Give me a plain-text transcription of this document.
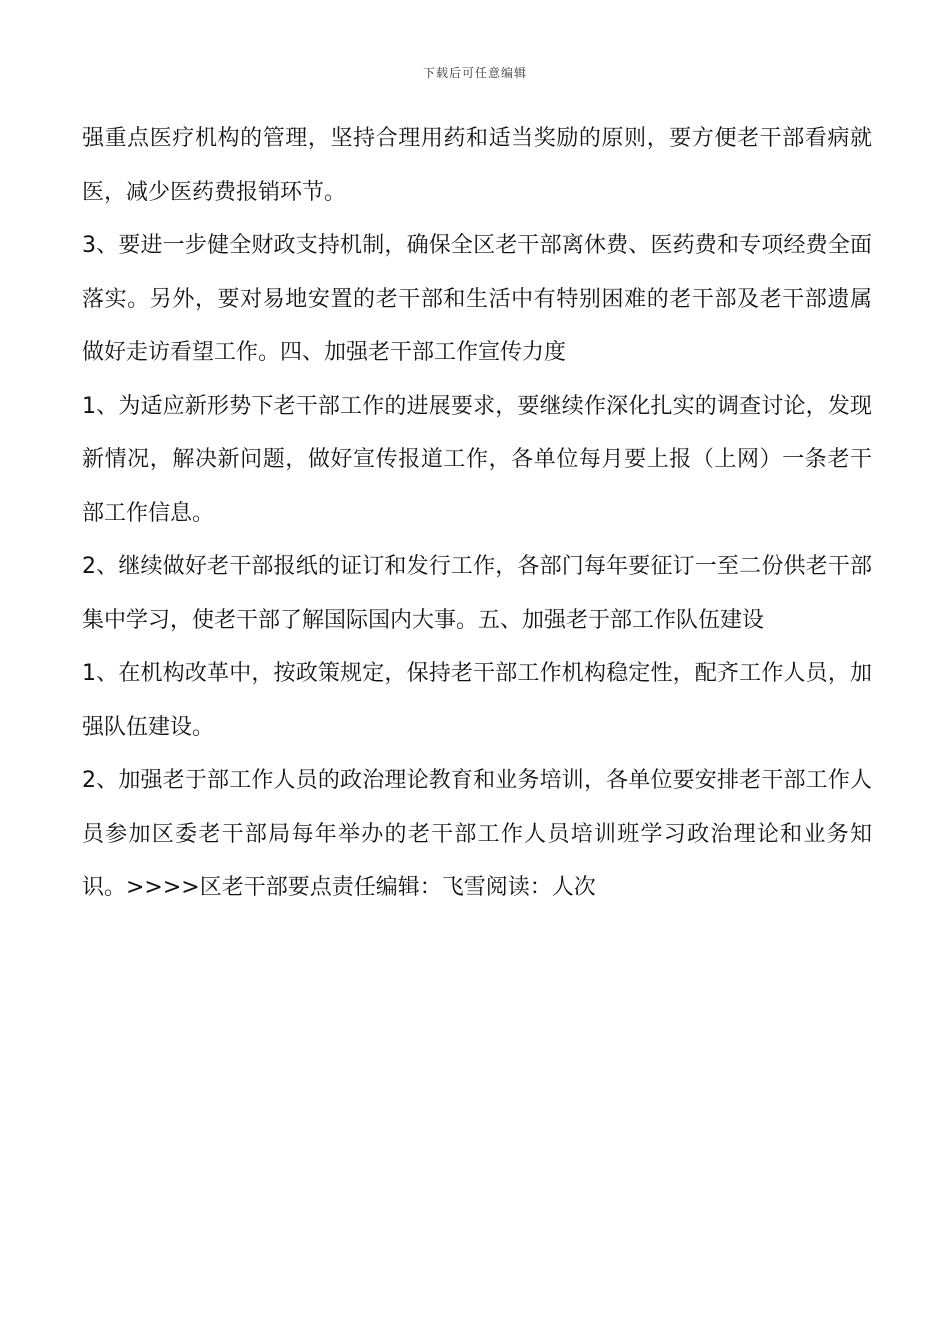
下载后可任意编辑

强重点医疗机构的管理，坚持合理用药和适当奖励的原则，要方便老干部看病就医，减少医药费报销环节。

3、要进一步健全财政支持机制，确保全区老干部离休费、医药费和专项经费全面落实。另外，要对易地安置的老干部和生活中有特别困难的老干部及老干部遗属做好走访看望工作。四、加强老干部工作宣传力度

1、为适应新形势下老干部工作的进展要求，要继续作深化扎实的调查讨论，发现新情况，解决新问题，做好宣传报道工作，各单位每月要上报（上网）一条老干部工作信息。

2、继续做好老干部报纸的证订和发行工作，各部门每年要征订一至二份供老干部集中学习，使老干部了解国际国内大事。五、加强老于部工作队伍建设

1、在机构改革中，按政策规定，保持老干部工作机构稳定性，配齐工作人员，加强队伍建设。

2、加强老于部工作人员的政治理论教育和业务培训，各单位要安排老干部工作人员参加区委老干部局每年举办的老干部工作人员培训班学习政治理论和业务知识。>>>>区老干部要点责任编辑：飞雪阅读：人次
